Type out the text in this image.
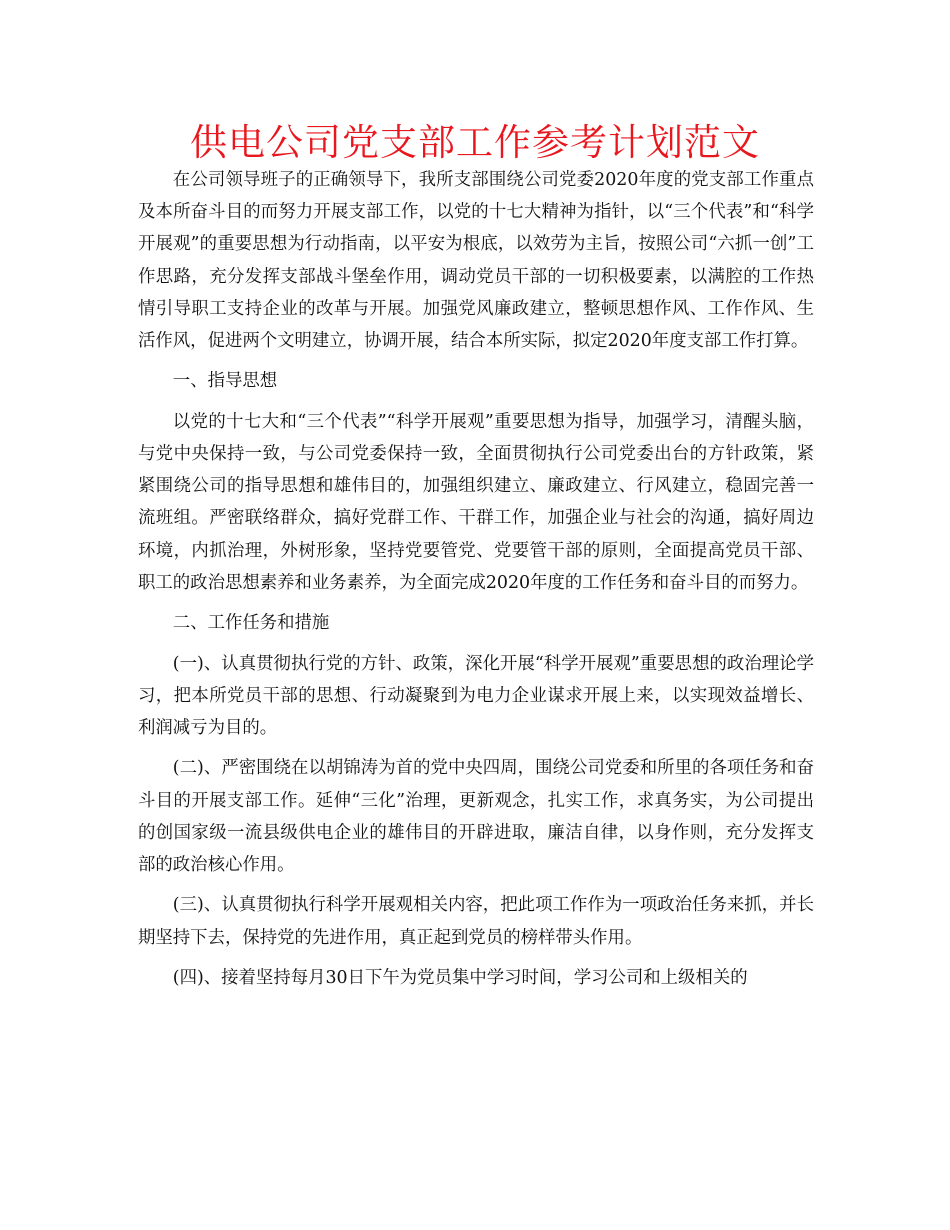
供电公司党支部工作参考计划范文

在公司领导班子的正确领导下，我所支部围绕公司党委2020年度的党支部工作重点及本所奋斗目的而努力开展支部工作，以党的十七大精神为指针，以“三个代表”和“科学开展观”的重要思想为行动指南，以平安为根底，以效劳为主旨，按照公司“六抓一创”工作思路，充分发挥支部战斗堡垒作用，调动党员干部的一切积极要素，以满腔的工作热情引导职工支持企业的改革与开展。加强党风廉政建立，整顿思想作风、工作作风、生活作风，促进两个文明建立，协调开展，结合本所实际，拟定2020年度支部工作打算。

一、指导思想

以党的十七大和“三个代表”“科学开展观”重要思想为指导，加强学习，清醒头脑，与党中央保持一致，与公司党委保持一致，全面贯彻执行公司党委出台的方针政策，紧紧围绕公司的指导思想和雄伟目的，加强组织建立、廉政建立、行风建立，稳固完善一流班组。严密联络群众，搞好党群工作、干群工作，加强企业与社会的沟通，搞好周边环境，内抓治理，外树形象，坚持党要管党、党要管干部的原则，全面提高党员干部、职工的政治思想素养和业务素养，为全面完成2020年度的工作任务和奋斗目的而努力。

二、工作任务和措施

(一)、认真贯彻执行党的方针、政策，深化开展“科学开展观”重要思想的政治理论学习，把本所党员干部的思想、行动凝聚到为电力企业谋求开展上来，以实现效益增长、利润减亏为目的。

(二)、严密围绕在以胡锦涛为首的党中央四周，围绕公司党委和所里的各项任务和奋斗目的开展支部工作。延伸“三化”治理，更新观念，扎实工作，求真务实，为公司提出的创国家级一流县级供电企业的雄伟目的开辟进取，廉洁自律，以身作则，充分发挥支部的政治核心作用。

(三)、认真贯彻执行科学开展观相关内容，把此项工作作为一项政治任务来抓，并长期坚持下去，保持党的先进作用，真正起到党员的榜样带头作用。

(四)、接着坚持每月30日下午为党员集中学习时间，学习公司和上级相关的
